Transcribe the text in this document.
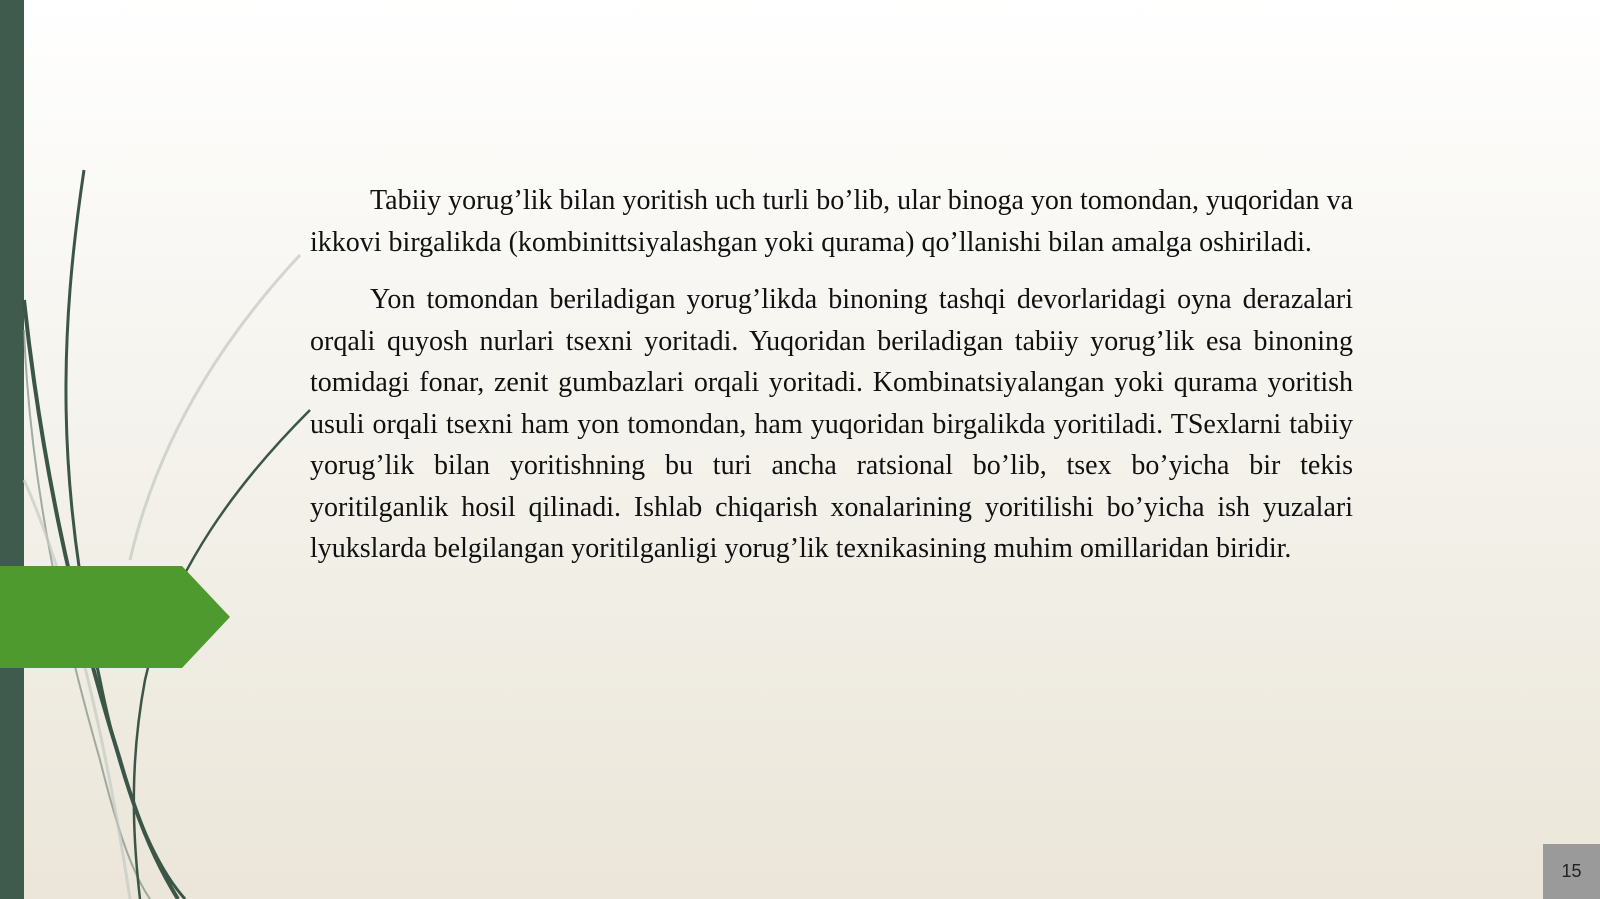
Tabiiy yorug’lik bilan yoritish uch turli bo’lib, ular binoga yon tomondan, yuqoridan va ikkovi birgalikda (kombinittsiyalashgan yoki qurama) qo’llanishi bilan amalga oshiriladi.

Yon tomondan beriladigan yorug’likda binoning tashqi devorlaridagi oyna derazalari orqali quyosh nurlari tsexni yoritadi. Yuqoridan beriladigan tabiiy yorug’lik esa binoning tomidagi fonar, zenit gumbazlari orqali yoritadi. Kombinatsiyalangan yoki qurama yoritish usuli orqali tsexni ham yon tomondan, ham yuqoridan birgalikda yoritiladi. TSexlarni tabiiy yorug’lik bilan yoritishning bu turi ancha ratsional bo’lib, tsex bo’yicha bir tekis yoritilganlik hosil qilinadi. Ishlab chiqarish xonalarining yoritilishi bo’yicha ish yuzalari lyukslarda belgilangan yoritilganligi yorug’lik texnikasining muhim omillaridan biridir.

15
